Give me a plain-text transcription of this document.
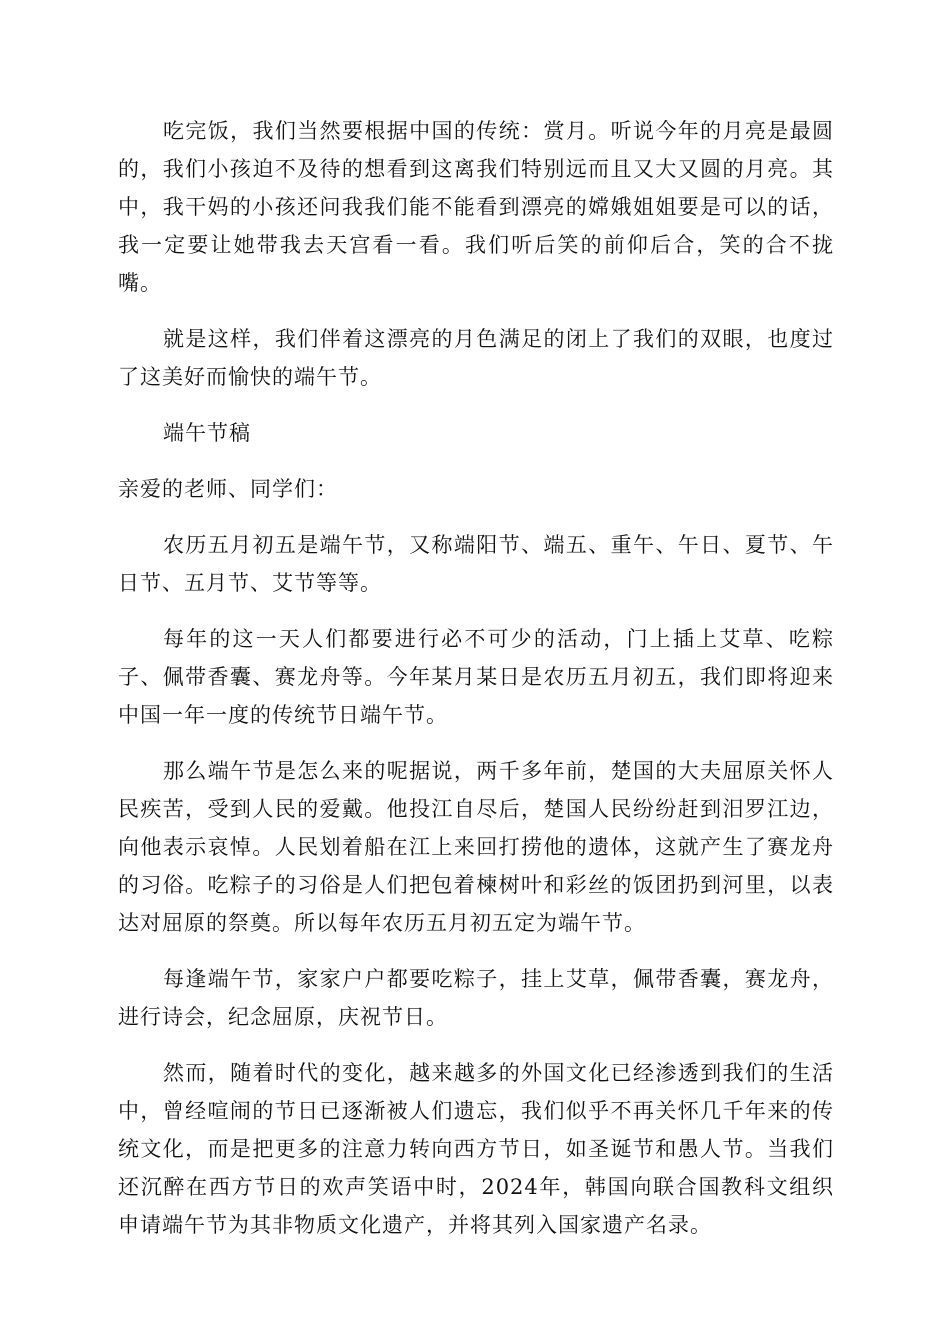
吃完饭，我们当然要根据中国的传统：赏月。听说今年的月亮是最圆的，我们小孩迫不及待的想看到这离我们特别远而且又大又圆的月亮。其中，我干妈的小孩还问我我们能不能看到漂亮的嫦娥姐姐要是可以的话，我一定要让她带我去天宫看一看。我们听后笑的前仰后合，笑的合不拢嘴。

就是这样，我们伴着这漂亮的月色满足的闭上了我们的双眼，也度过了这美好而愉快的端午节。

端午节稿

亲爱的老师、同学们：

农历五月初五是端午节，又称端阳节、端五、重午、午日、夏节、午日节、五月节、艾节等等。

每年的这一天人们都要进行必不可少的活动，门上插上艾草、吃粽子、佩带香囊、赛龙舟等。今年某月某日是农历五月初五，我们即将迎来中国一年一度的传统节日端午节。

那么端午节是怎么来的呢据说，两千多年前，楚国的大夫屈原关怀人民疾苦，受到人民的爱戴。他投江自尽后，楚国人民纷纷赶到汨罗江边，向他表示哀悼。人民划着船在江上来回打捞他的遗体，这就产生了赛龙舟的习俗。吃粽子的习俗是人们把包着楝树叶和彩丝的饭团扔到河里，以表达对屈原的祭奠。所以每年农历五月初五定为端午节。

每逢端午节，家家户户都要吃粽子，挂上艾草，佩带香囊，赛龙舟，进行诗会，纪念屈原，庆祝节日。

然而，随着时代的变化，越来越多的外国文化已经渗透到我们的生活中，曾经喧闹的节日已逐渐被人们遗忘，我们似乎不再关怀几千年来的传统文化，而是把更多的注意力转向西方节日，如圣诞节和愚人节。当我们还沉醉在西方节日的欢声笑语中时，2024年，韩国向联合国教科文组织申请端午节为其非物质文化遗产，并将其列入国家遗产名录。
